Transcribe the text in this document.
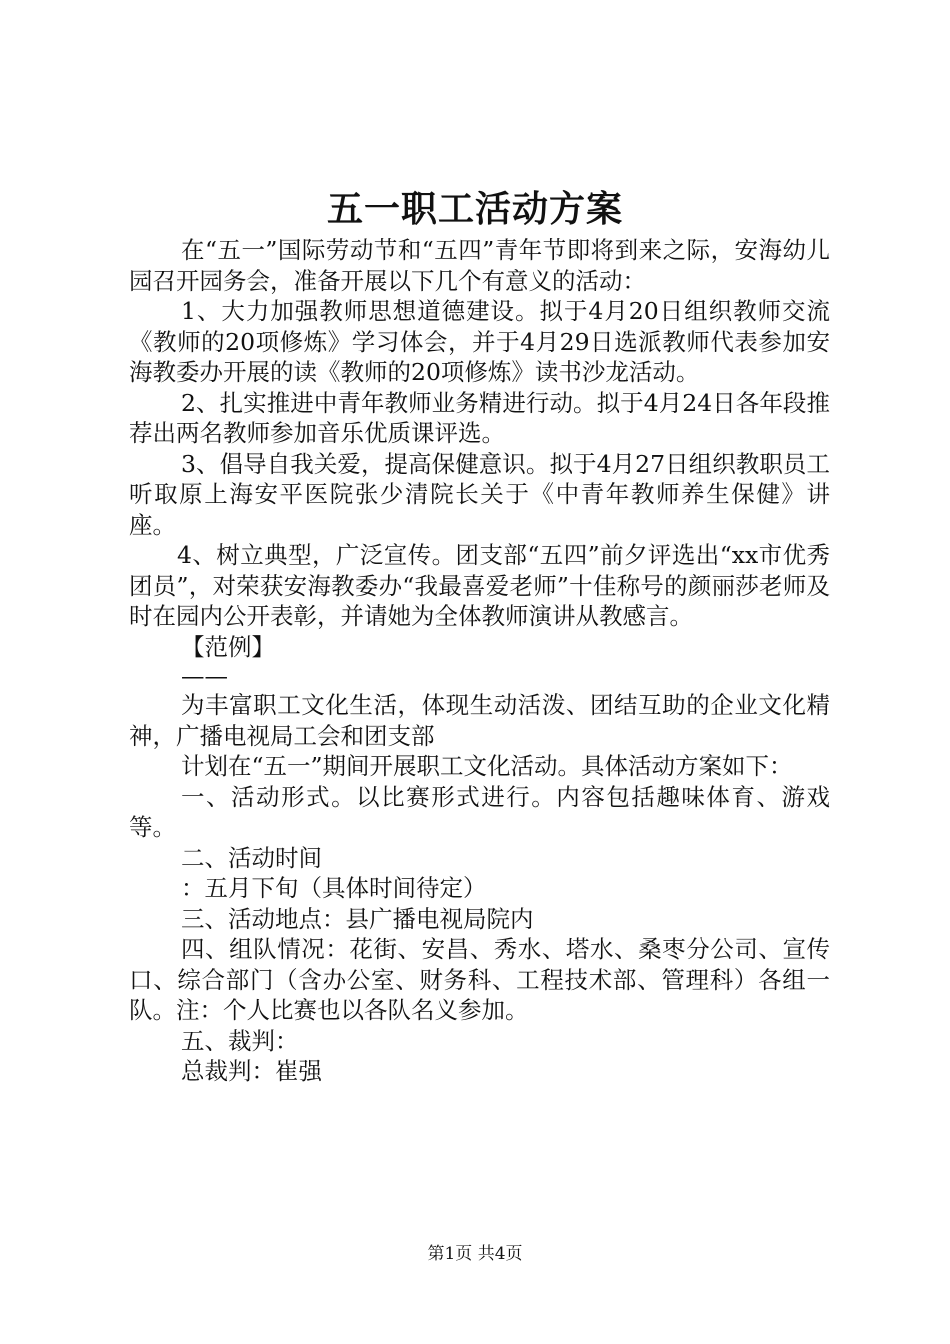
五一职工活动方案

在“五一”国际劳动节和“五四”青年节即将到来之际，安海幼儿园召开园务会，准备开展以下几个有意义的活动：

1、大力加强教师思想道德建设。拟于4月20日组织教师交流《教师的20项修炼》学习体会，并于4月29日选派教师代表参加安海教委办开展的读《教师的20项修炼》读书沙龙活动。

2、扎实推进中青年教师业务精进行动。拟于4月24日各年段推荐出两名教师参加音乐优质课评选。

3、倡导自我关爱，提高保健意识。拟于4月27日组织教职员工听取原上海安平医院张少清院长关于《中青年教师养生保健》讲座。

4、树立典型，广泛宣传。团支部“五四”前夕评选出“xx市优秀团员”，对荣获安海教委办“我最喜爱老师”十佳称号的颜丽莎老师及时在园内公开表彰，并请她为全体教师演讲从教感言。

【范例】

——

为丰富职工文化生活，体现生动活泼、团结互助的企业文化精神，广播电视局工会和团支部

计划在“五一”期间开展职工文化活动。具体活动方案如下：

一、活动形式。以比赛形式进行。内容包括趣味体育、游戏等。

二、活动时间

：五月下旬（具体时间待定）

三、活动地点：县广播电视局院内

四、组队情况：花街、安昌、秀水、塔水、桑枣分公司、宣传口、综合部门（含办公室、财务科、工程技术部、管理科）各组一队。注：个人比赛也以各队名义参加。

五、裁判：

总裁判：崔强

第1页 共4页
